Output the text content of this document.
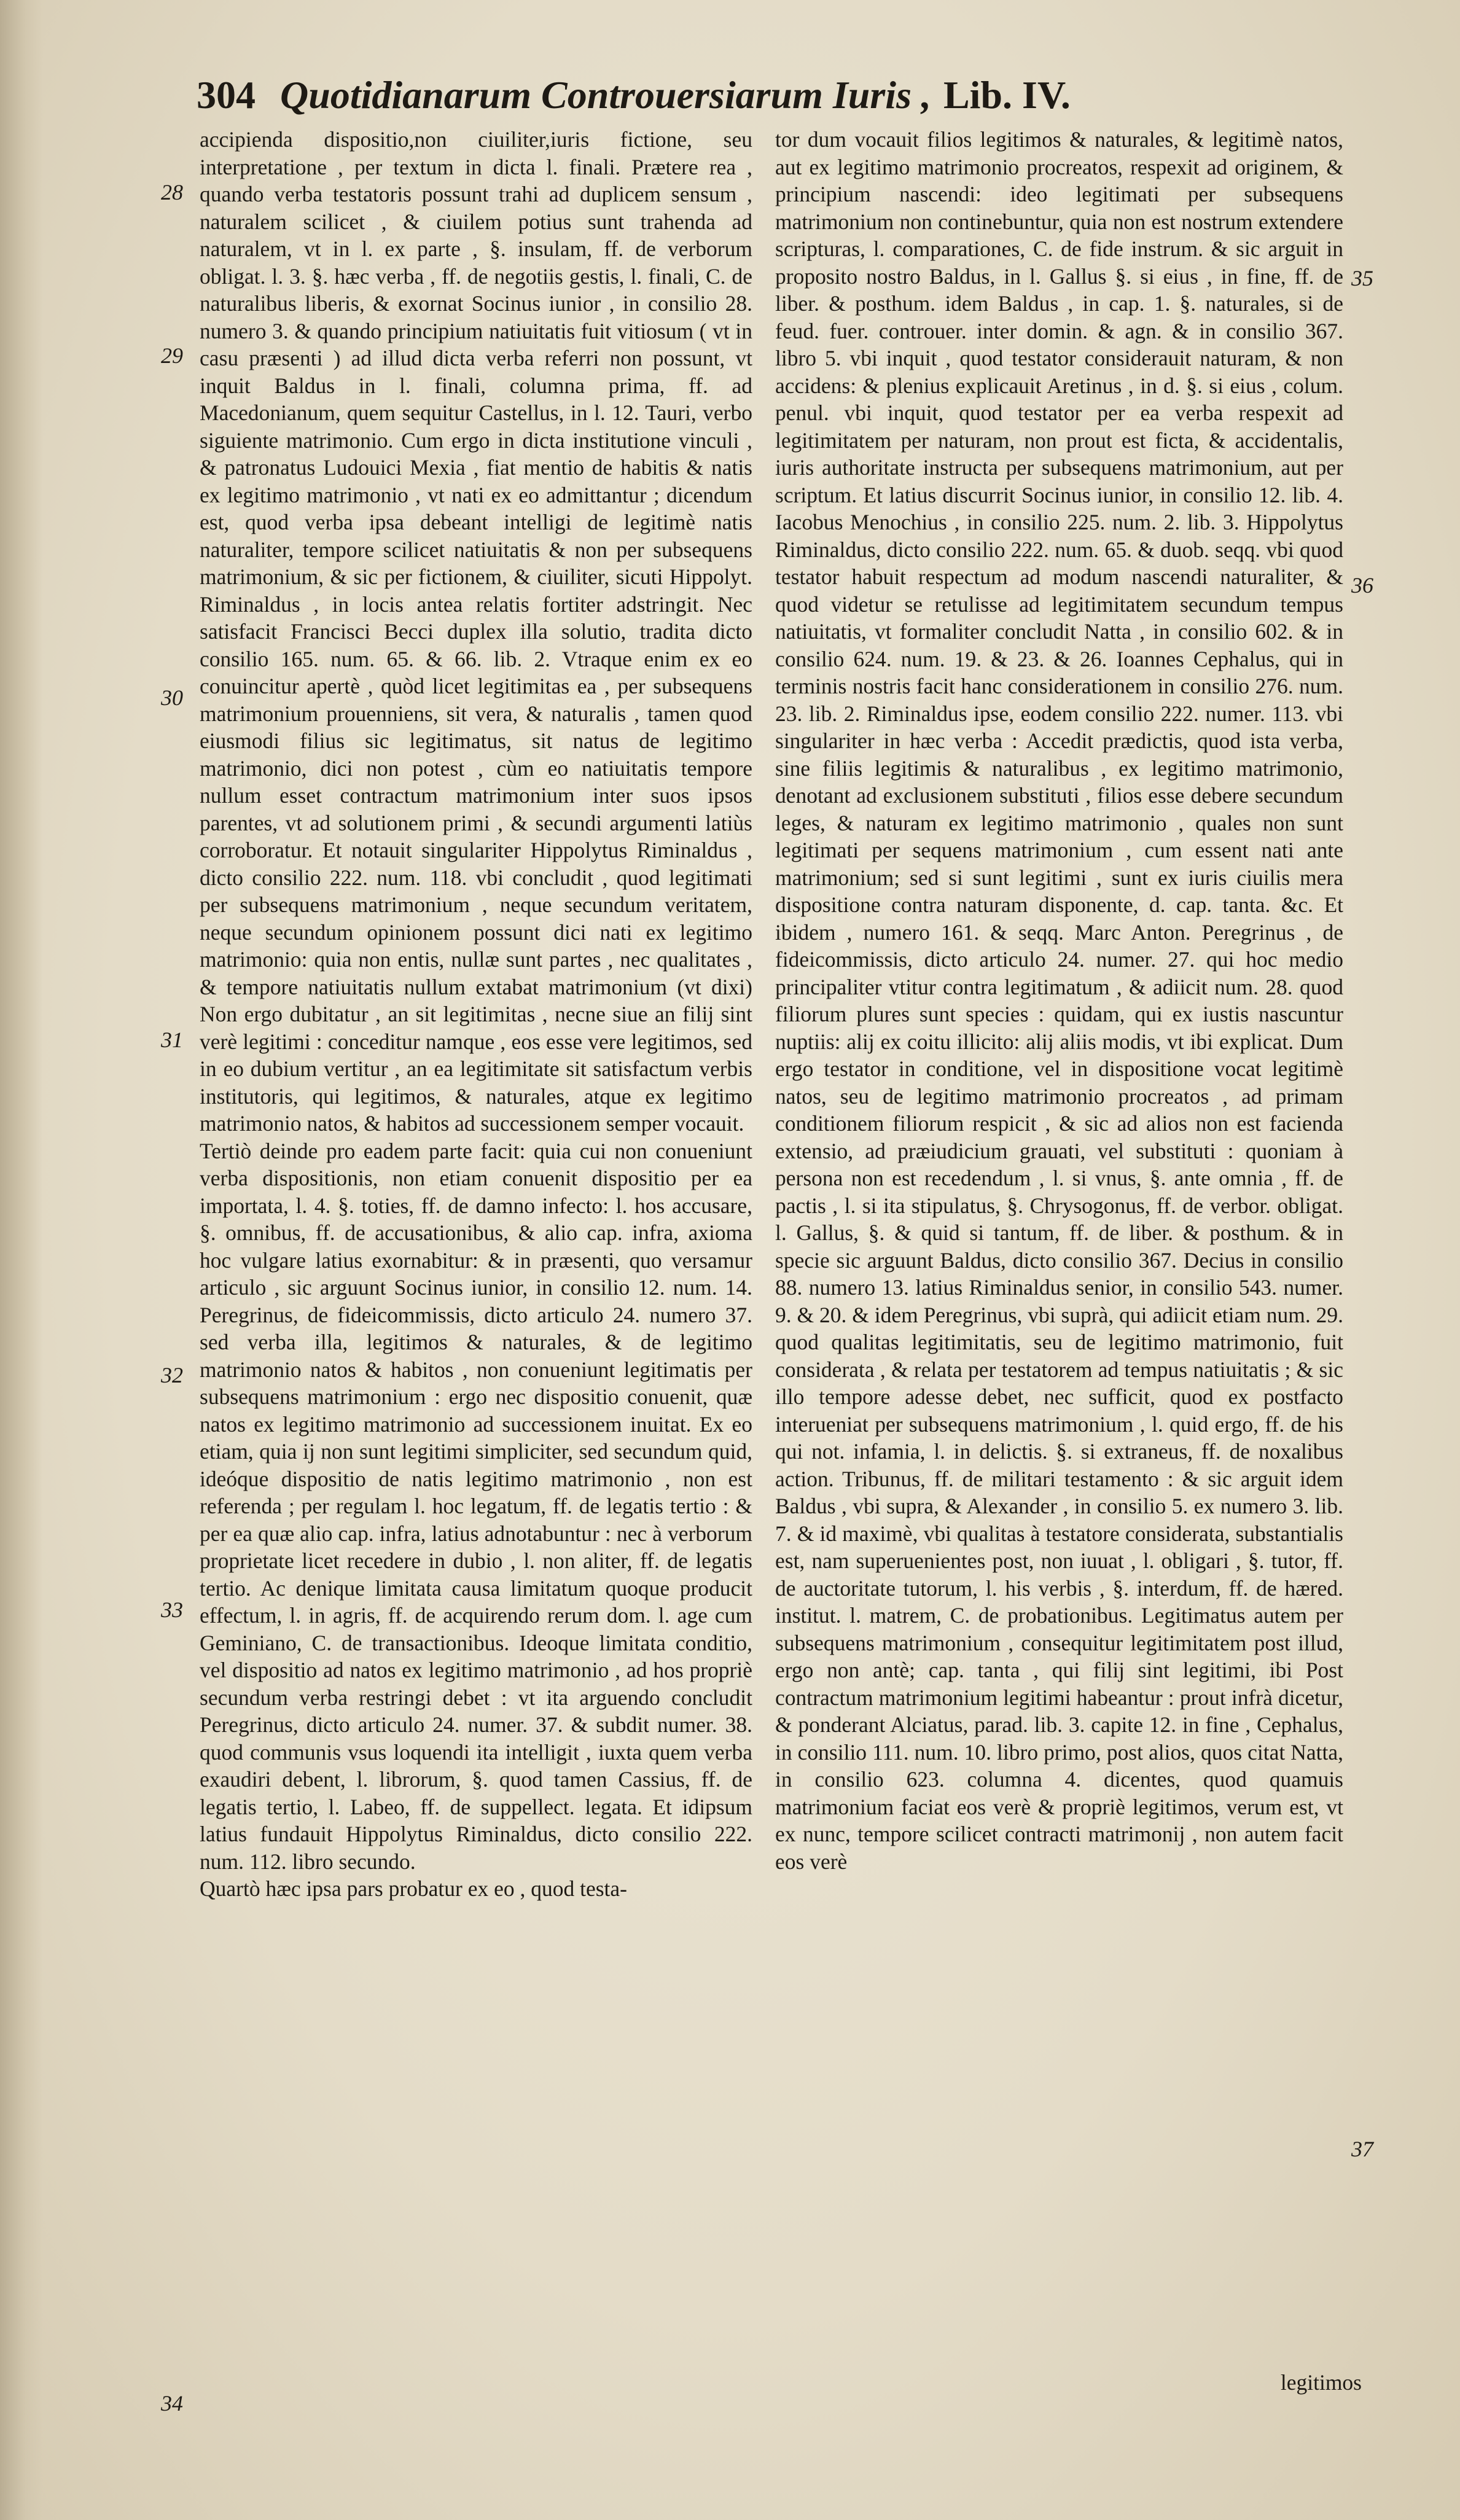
304 Quotidianarum Controuersiarum Iuris , Lib. IV.
28
29
30
31
32
33
34
35
36
37

accipienda dispositio,non ciuiliter,iuris fictione, seu interpretatione , per textum in dicta l. finali. Prætere rea , quando verba testatoris possunt trahi ad duplicem sensum , naturalem scilicet , & ciuilem potius sunt trahenda ad naturalem, vt in l. ex parte , §. insulam, ff. de verborum obligat. l. 3. §. hæc verba , ff. de negotiis gestis, l. finali, C. de naturalibus liberis, & exornat Socinus iunior , in consilio 28. numero 3. & quando principium natiuitatis fuit vitiosum ( vt in casu præsenti ) ad illud dicta verba referri non possunt, vt inquit Baldus in l. finali, columna prima, ff. ad Macedonianum, quem sequitur Castellus, in l. 12. Tauri, verbo siguiente matrimonio. Cum ergo in dicta institutione vinculi , & patronatus Ludouici Mexia , fiat mentio de habitis & natis ex legitimo matrimonio , vt nati ex eo admittantur ; dicendum est, quod verba ipsa debeant intelligi de legitimè natis naturaliter, tempore scilicet natiuitatis & non per subsequens matrimonium, & sic per fictionem, & ciuiliter, sicuti Hippolyt. Riminaldus , in locis antea relatis fortiter adstringit. Nec satisfacit Francisci Becci duplex illa solutio, tradita dicto consilio 165. num. 65. & 66. lib. 2. Vtraque enim ex eo conuincitur apertè , quòd licet legitimitas ea , per subsequens matrimonium prouenniens, sit vera, & naturalis , tamen quod eiusmodi filius sic legitimatus, sit natus de legitimo matrimonio, dici non potest , cùm eo natiuitatis tempore nullum esset contractum matrimonium inter suos ipsos parentes, vt ad solutionem primi , & secundi argumenti latiùs corroboratur. Et notauit singulariter Hippolytus Riminaldus , dicto consilio 222. num. 118. vbi concludit , quod legitimati per subsequens matrimonium , neque secundum veritatem, neque secundum opinionem possunt dici nati ex legitimo matrimonio: quia non entis, nullæ sunt partes , nec qualitates , & tempore natiuitatis nullum extabat matrimonium (vt dixi) Non ergo dubitatur , an sit legitimitas , necne siue an filij sint verè legitimi : conceditur namque , eos esse vere legitimos, sed in eo dubium vertitur , an ea legitimitate sit satisfactum verbis institutoris, qui legitimos, & naturales, atque ex legitimo matrimonio natos, & habitos ad successionem semper vocauit.

Tertiò deinde pro eadem parte facit: quia cui non conueniunt verba dispositionis, non etiam conuenit dispositio per ea importata, l. 4. §. toties, ff. de damno infecto: l. hos accusare, §. omnibus, ff. de accusationibus, & alio cap. infra, axioma hoc vulgare latius exornabitur: & in præsenti, quo versamur articulo , sic arguunt Socinus iunior, in consilio 12. num. 14. Peregrinus, de fideicommissis, dicto articulo 24. numero 37. sed verba illa, legitimos & naturales, & de legitimo matrimonio natos & habitos , non conueniunt legitimatis per subsequens matrimonium : ergo nec dispositio conuenit, quæ natos ex legitimo matrimonio ad successionem inuitat. Ex eo etiam, quia ij non sunt legitimi simpliciter, sed secundum quid, ideóque dispositio de natis legitimo matrimonio , non est referenda ; per regulam l. hoc legatum, ff. de legatis tertio : & per ea quæ alio cap. infra, latius adnotabuntur : nec à verborum proprietate licet recedere in dubio , l. non aliter, ff. de legatis tertio. Ac denique limitata causa limitatum quoque producit effectum, l. in agris, ff. de acquirendo rerum dom. l. age cum Geminiano, C. de transactionibus. Ideoque limitata conditio, vel dispositio ad natos ex legitimo matrimonio , ad hos propriè secundum verba restringi debet : vt ita arguendo concludit Peregrinus, dicto articulo 24. numer. 37. & subdit numer. 38. quod communis vsus loquendi ita intelligit , iuxta quem verba exaudiri debent, l. librorum, §. quod tamen Cassius, ff. de legatis tertio, l. Labeo, ff. de suppellect. legata. Et idipsum latius fundauit Hippolytus Riminaldus, dicto consilio 222. num. 112. libro secundo.

Quartò hæc ipsa pars probatur ex eo , quod testa-

tor dum vocauit filios legitimos & naturales, & legitimè natos, aut ex legitimo matrimonio procreatos, respexit ad originem, & principium nascendi: ideo legitimati per subsequens matrimonium non continebuntur, quia non est nostrum extendere scripturas, l. comparationes, C. de fide instrum. & sic arguit in proposito nostro Baldus, in l. Gallus §. si eius , in fine, ff. de liber. & posthum. idem Baldus , in cap. 1. §. naturales, si de feud. fuer. controuer. inter domin. & agn. & in consilio 367. libro 5. vbi inquit , quod testator considerauit naturam, & non accidens: & plenius explicauit Aretinus , in d. §. si eius , colum. penul. vbi inquit, quod testator per ea verba respexit ad legitimitatem per naturam, non prout est ficta, & accidentalis, iuris authoritate instructa per subsequens matrimonium, aut per scriptum. Et latius discurrit Socinus iunior, in consilio 12. lib. 4. Iacobus Menochius , in consilio 225. num. 2. lib. 3. Hippolytus Riminaldus, dicto consilio 222. num. 65. & duob. seqq. vbi quod testator habuit respectum ad modum nascendi naturaliter, & quod videtur se retulisse ad legitimitatem secundum tempus natiuitatis, vt formaliter concludit Natta , in consilio 602. & in consilio 624. num. 19. & 23. & 26. Ioannes Cephalus, qui in terminis nostris facit hanc considerationem in consilio 276. num. 23. lib. 2. Riminaldus ipse, eodem consilio 222. numer. 113. vbi singulariter in hæc verba : Accedit prædictis, quod ista verba, sine filiis legitimis & naturalibus , ex legitimo matrimonio, denotant ad exclusionem substituti , filios esse debere secundum leges, & naturam ex legitimo matrimonio , quales non sunt legitimati per sequens matrimonium , cum essent nati ante matrimonium; sed si sunt legitimi , sunt ex iuris ciuilis mera dispositione contra naturam disponente, d. cap. tanta. &c. Et ibidem , numero 161. & seqq. Marc Anton. Peregrinus , de fideicommissis, dicto articulo 24. numer. 27. qui hoc medio principaliter vtitur contra legitimatum , & adiicit num. 28. quod filiorum plures sunt species : quidam, qui ex iustis nascuntur nuptiis: alij ex coitu illicito: alij aliis modis, vt ibi explicat. Dum ergo testator in conditione, vel in dispositione vocat legitimè natos, seu de legitimo matrimonio procreatos , ad primam conditionem filiorum respicit , & sic ad alios non est facienda extensio, ad præiudicium grauati, vel substituti : quoniam à persona non est recedendum , l. si vnus, §. ante omnia , ff. de pactis , l. si ita stipulatus, §. Chrysogonus, ff. de verbor. obligat. l. Gallus, §. & quid si tantum, ff. de liber. & posthum. & in specie sic arguunt Baldus, dicto consilio 367. Decius in consilio 88. numero 13. latius Riminaldus senior, in consilio 543. numer. 9. & 20. & idem Peregrinus, vbi suprà, qui adiicit etiam num. 29. quod qualitas legitimitatis, seu de legitimo matrimonio, fuit considerata , & relata per testatorem ad tempus natiuitatis ; & sic illo tempore adesse debet, nec sufficit, quod ex postfacto interueniat per subsequens matrimonium , l. quid ergo, ff. de his qui not. infamia, l. in delictis. §. si extraneus, ff. de noxalibus action. Tribunus, ff. de militari testamento : & sic arguit idem Baldus , vbi supra, & Alexander , in consilio 5. ex numero 3. lib. 7. & id maximè, vbi qualitas à testatore considerata, substantialis est, nam superuenientes post, non iuuat , l. obligari , §. tutor, ff. de auctoritate tutorum, l. his verbis , §. interdum, ff. de hæred. institut. l. matrem, C. de probationibus. Legitimatus autem per subsequens matrimonium , consequitur legitimitatem post illud, ergo non antè; cap. tanta , qui filij sint legitimi, ibi Post contractum matrimonium legitimi habeantur : prout infrà dicetur, & ponderant Alciatus, parad. lib. 3. capite 12. in fine , Cephalus, in consilio 111. num. 10. libro primo, post alios, quos citat Natta, in consilio 623. columna 4. dicentes, quod quamuis matrimonium faciat eos verè & propriè legitimos, verum est, vt ex nunc, tempore scilicet contracti matrimonij , non autem facit eos verè

legitimos
